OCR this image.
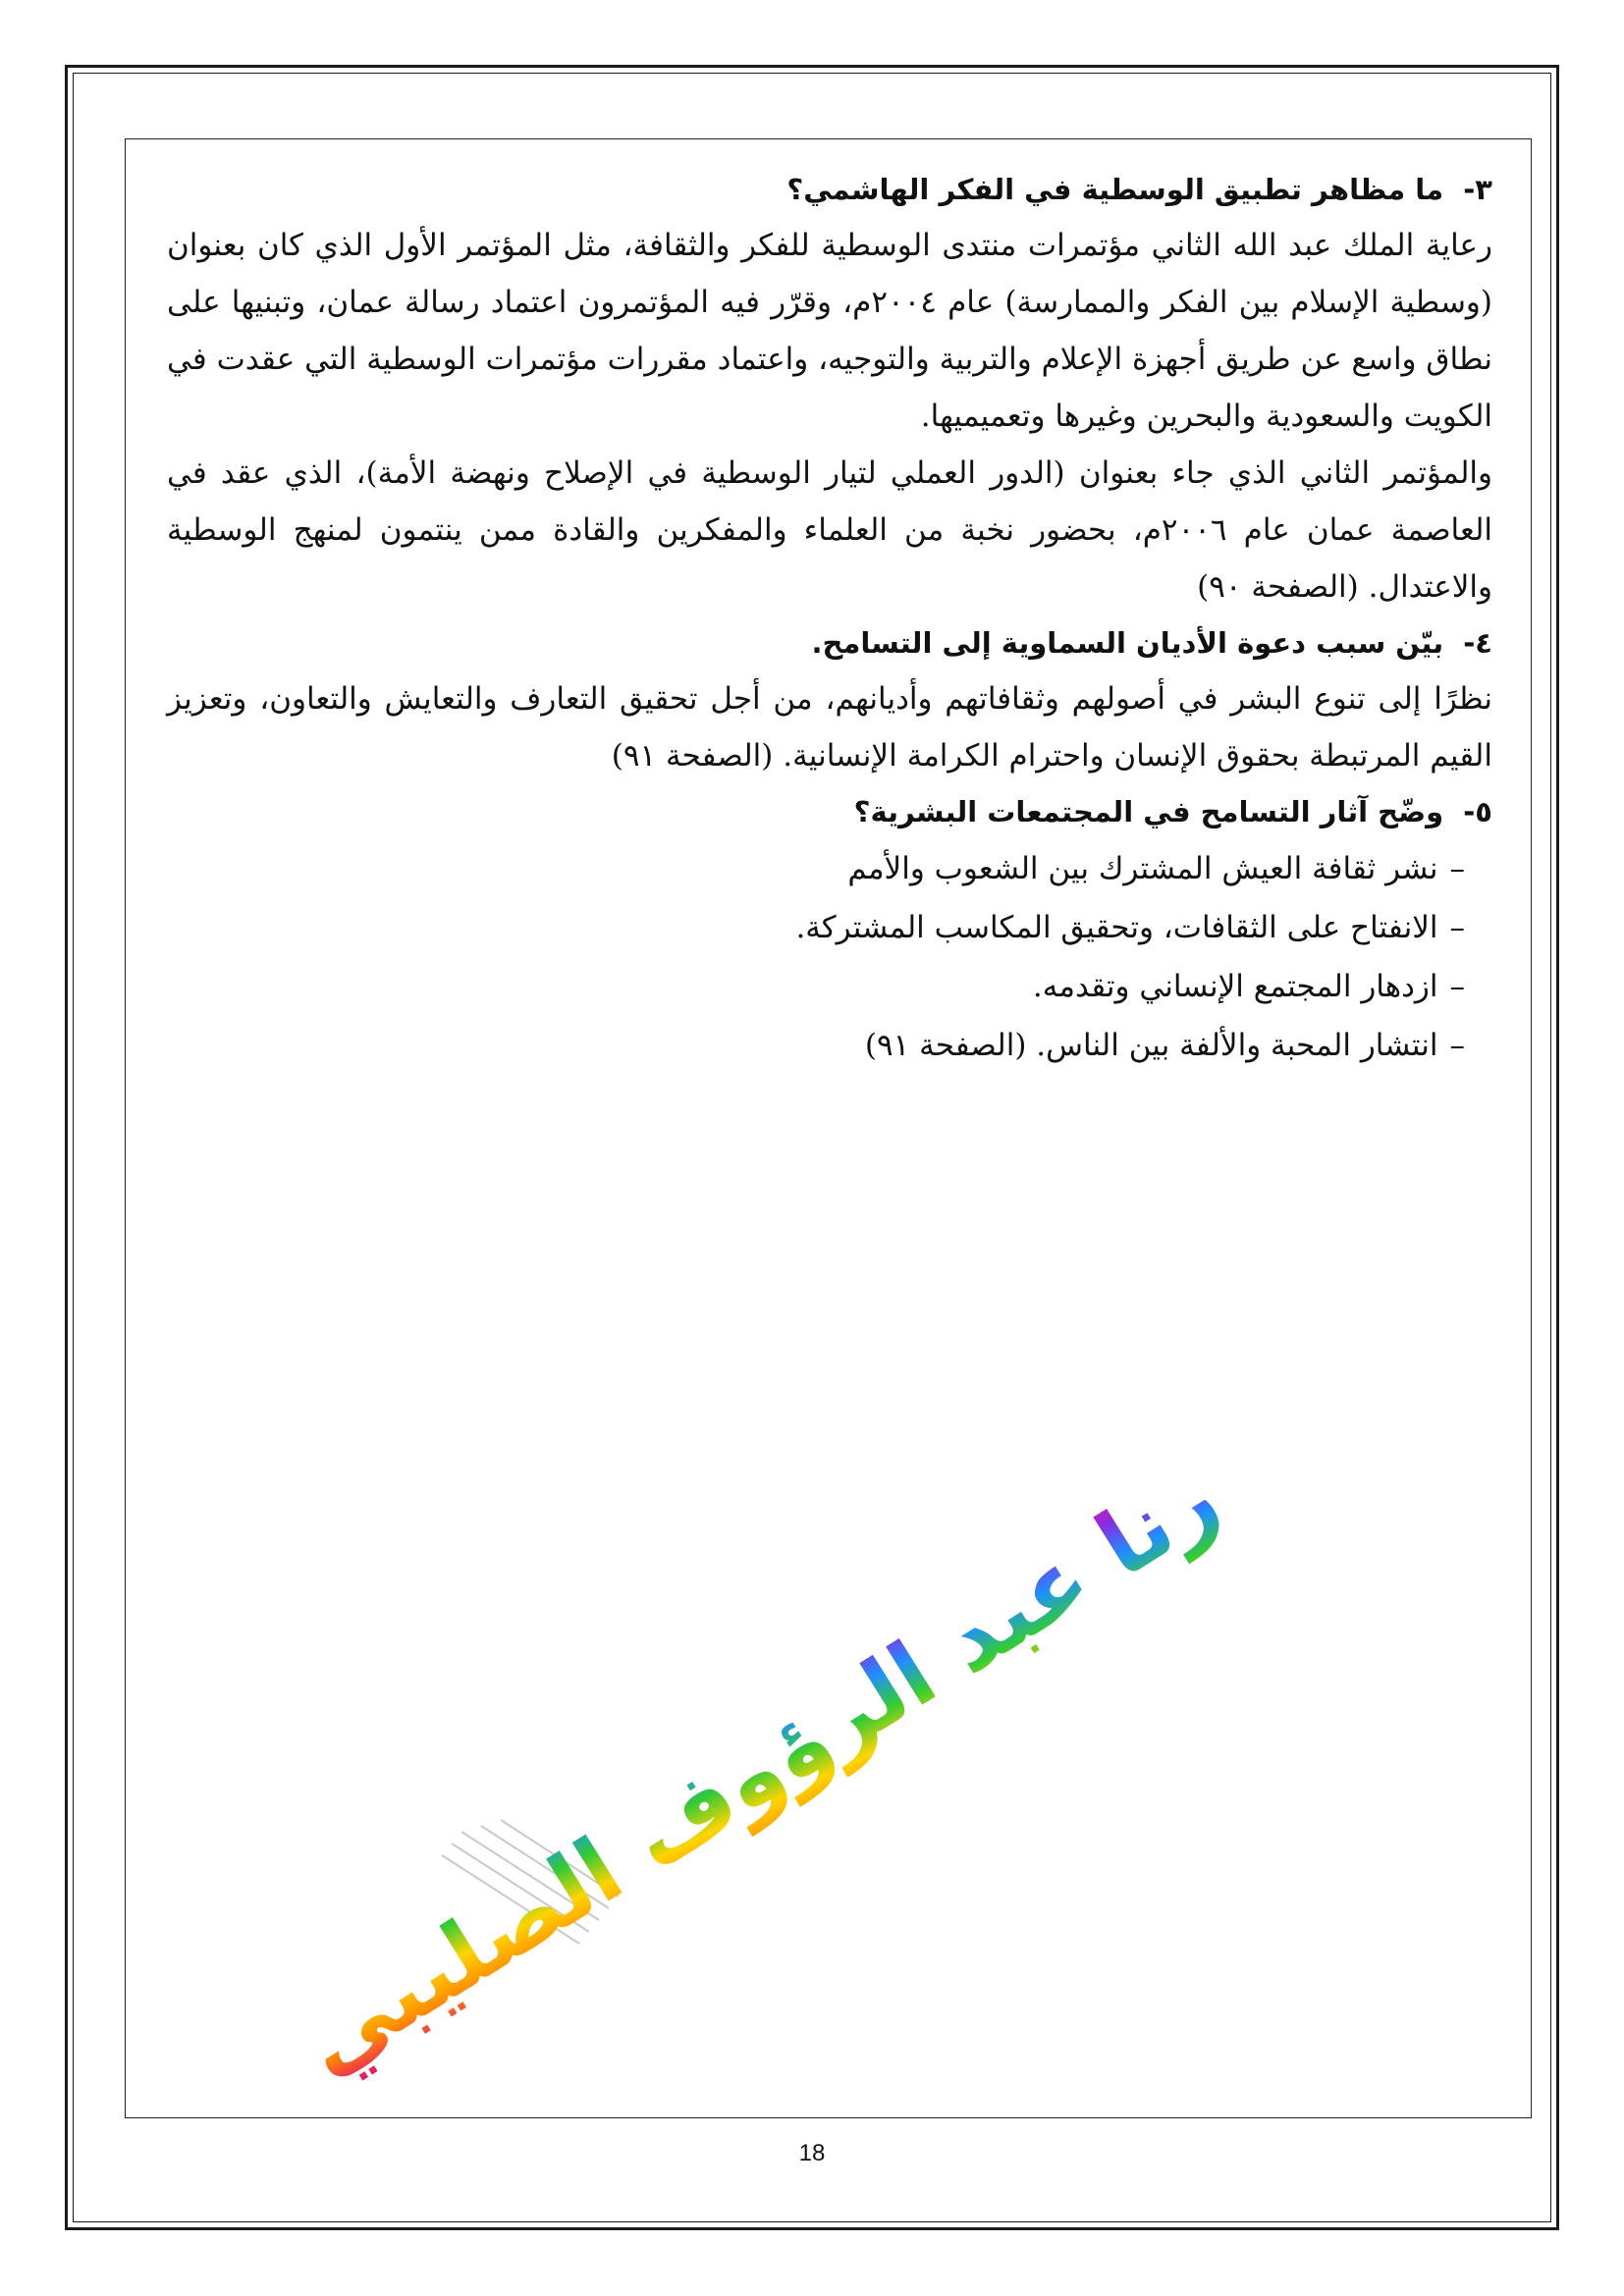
٣- ما مظاهر تطبيق الوسطية في الفكر الهاشمي؟

رعاية الملك عبد الله الثاني مؤتمرات منتدى الوسطية للفكر والثقافة، مثل المؤتمر الأول الذي كان بعنوان (وسطية الإسلام بين الفكر والممارسة) عام ٢٠٠٤م، وقرّر فيه المؤتمرون اعتماد رسالة عمان، وتبنيها على نطاق واسع عن طريق أجهزة الإعلام والتربية والتوجيه، واعتماد مقررات مؤتمرات الوسطية التي عقدت في الكويت والسعودية والبحرين وغيرها وتعميميها.

والمؤتمر الثاني الذي جاء بعنوان (الدور العملي لتيار الوسطية في الإصلاح ونهضة الأمة)، الذي عقد في العاصمة عمان عام ٢٠٠٦م، بحضور نخبة من العلماء والمفكرين والقادة ممن ينتمون لمنهج الوسطية والاعتدال. (الصفحة ٩٠)

٤- بيّن سبب دعوة الأديان السماوية إلى التسامح.

نظرًا إلى تنوع البشر في أصولهم وثقافاتهم وأديانهم، من أجل تحقيق التعارف والتعايش والتعاون، وتعزيز القيم المرتبطة بحقوق الإنسان واحترام الكرامة الإنسانية. (الصفحة ٩١)

٥- وضّح آثار التسامح في المجتمعات البشرية؟

–نشر ثقافة العيش المشترك بين الشعوب والأمم
–الانفتاح على الثقافات، وتحقيق المكاسب المشتركة.
–ازدهار المجتمع الإنساني وتقدمه.
–انتشار المحبة والألفة بين الناس. (الصفحة ٩١)
رنا عبد الرؤوف الصليبي
18
